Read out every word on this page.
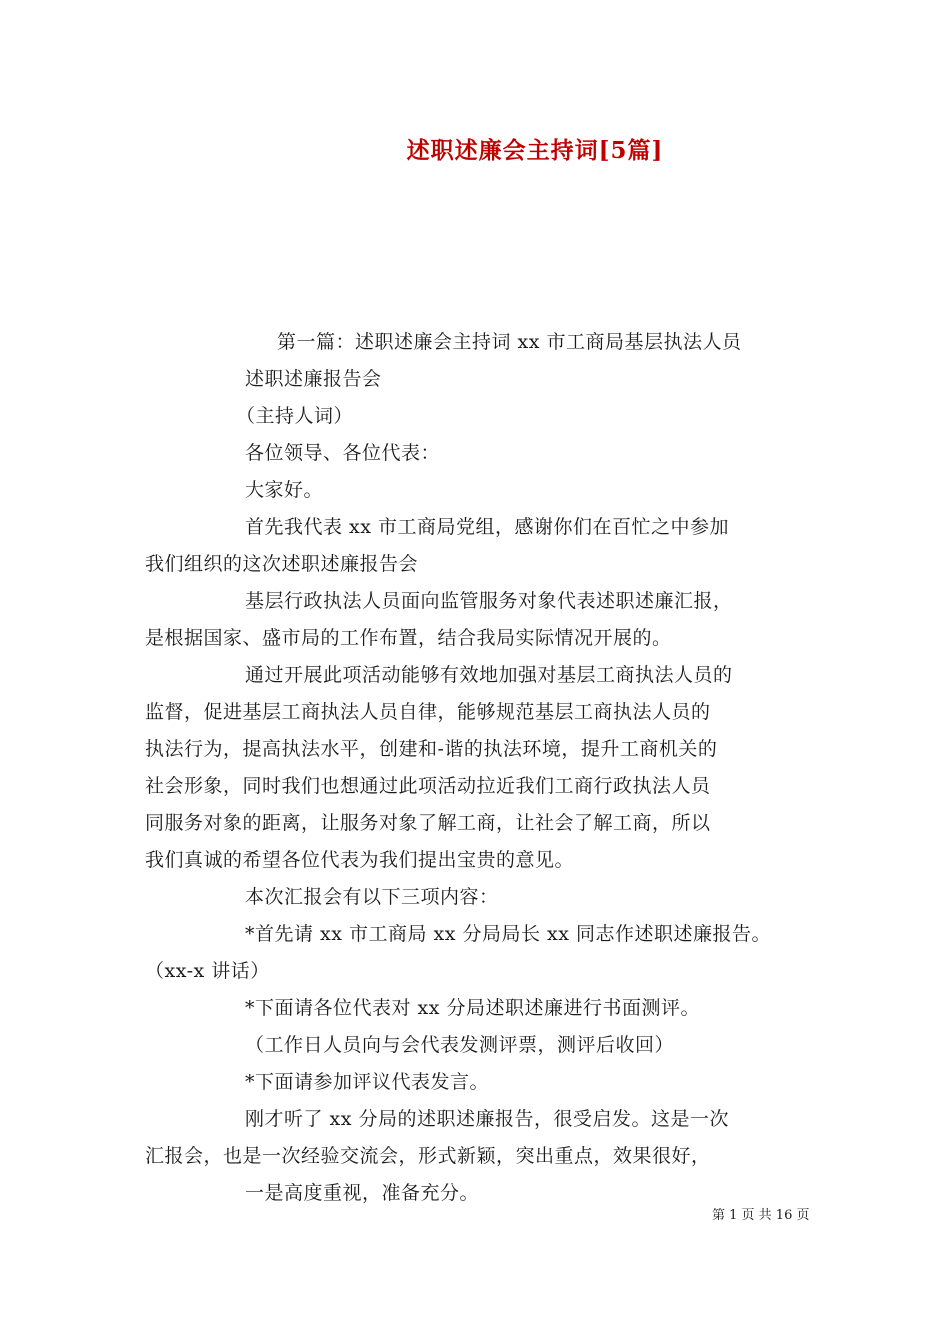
述职述廉会主持词[5篇]
第一篇：述职述廉会主持词 xx 市工商局基层执法人员
述职述廉报告会
（主持人词）
各位领导、各位代表：
大家好。
首先我代表 xx 市工商局党组，感谢你们在百忙之中参加
我们组织的这次述职述廉报告会
基层行政执法人员面向监管服务对象代表述职述廉汇报，
是根据国家、盛市局的工作布置，结合我局实际情况开展的。
通过开展此项活动能够有效地加强对基层工商执法人员的
监督，促进基层工商执法人员自律，能够规范基层工商执法人员的
执法行为，提高执法水平，创建和-谐的执法环境，提升工商机关的
社会形象，同时我们也想通过此项活动拉近我们工商行政执法人员
同服务对象的距离，让服务对象了解工商，让社会了解工商，所以
我们真诚的希望各位代表为我们提出宝贵的意见。
本次汇报会有以下三项内容：
*首先请 xx 市工商局 xx 分局局长 xx 同志作述职述廉报告。
（xx-x 讲话）
*下面请各位代表对 xx 分局述职述廉进行书面测评。
（工作日人员向与会代表发测评票，测评后收回）
*下面请参加评议代表发言。
刚才听了 xx 分局的述职述廉报告，很受启发。这是一次
汇报会，也是一次经验交流会，形式新颖，突出重点，效果很好，
一是高度重视，准备充分。
第 1 页 共 16 页
